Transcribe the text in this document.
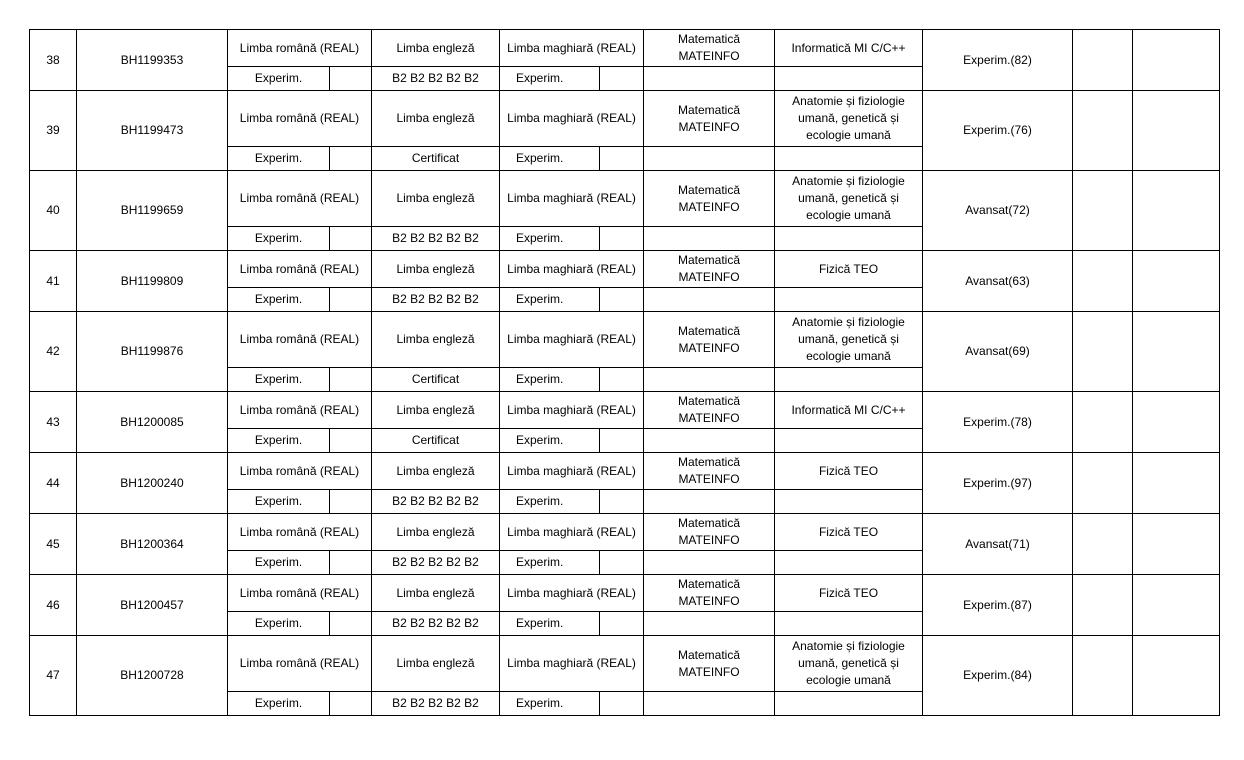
38	BH1199353	Limba română (REAL)		Limba engleză	Limba maghiară (REAL)		Matematică MATEINFO	Informatică MI C/C++	Experim.(82)		
		Experim.		B2 B2 B2 B2 B2	Experim.						
39	BH1199473	Limba română (REAL)		Limba engleză	Limba maghiară (REAL)		Matematică MATEINFO	Anatomie și fiziologie umană, genetică și ecologie umană	Experim.(76)		
		Experim.		Certificat	Experim.						
40	BH1199659	Limba română (REAL)		Limba engleză	Limba maghiară (REAL)		Matematică MATEINFO	Anatomie și fiziologie umană, genetică și ecologie umană	Avansat(72)		
		Experim.		B2 B2 B2 B2 B2	Experim.						
41	BH1199809	Limba română (REAL)		Limba engleză	Limba maghiară (REAL)		Matematică MATEINFO	Fizică TEO	Avansat(63)		
		Experim.		B2 B2 B2 B2 B2	Experim.						
42	BH1199876	Limba română (REAL)		Limba engleză	Limba maghiară (REAL)		Matematică MATEINFO	Anatomie și fiziologie umană, genetică și ecologie umană	Avansat(69)		
		Experim.		Certificat	Experim.						
43	BH1200085	Limba română (REAL)		Limba engleză	Limba maghiară (REAL)		Matematică MATEINFO	Informatică MI C/C++	Experim.(78)		
		Experim.		Certificat	Experim.						
44	BH1200240	Limba română (REAL)		Limba engleză	Limba maghiară (REAL)		Matematică MATEINFO	Fizică TEO	Experim.(97)		
		Experim.		B2 B2 B2 B2 B2	Experim.						
45	BH1200364	Limba română (REAL)		Limba engleză	Limba maghiară (REAL)		Matematică MATEINFO	Fizică TEO	Avansat(71)		
		Experim.		B2 B2 B2 B2 B2	Experim.						
46	BH1200457	Limba română (REAL)		Limba engleză	Limba maghiară (REAL)		Matematică MATEINFO	Fizică TEO	Experim.(87)		
		Experim.		B2 B2 B2 B2 B2	Experim.						
47	BH1200728	Limba română (REAL)		Limba engleză	Limba maghiară (REAL)		Matematică MATEINFO	Anatomie și fiziologie umană, genetică și ecologie umană	Experim.(84)		
		Experim.		B2 B2 B2 B2 B2	Experim.						
